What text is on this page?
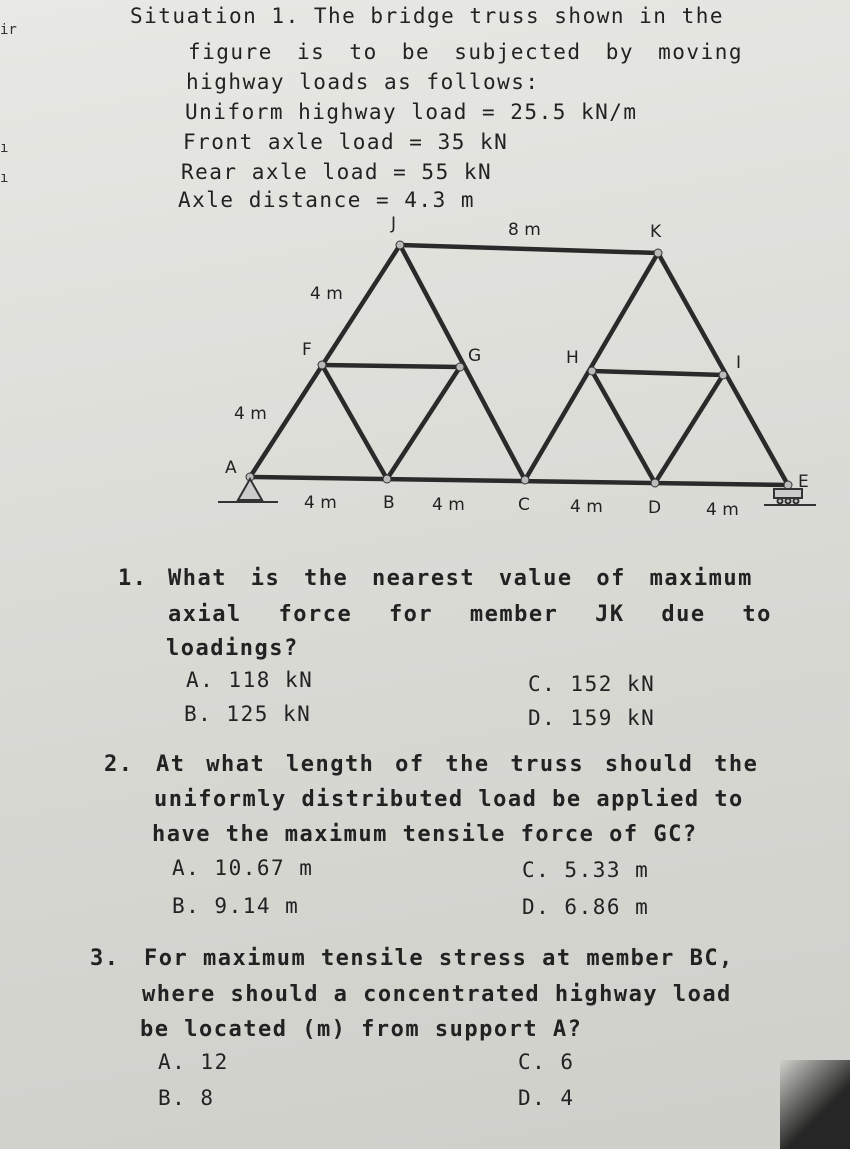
ir
ı
ı
Situation 1. The bridge truss shown in the
figure is to be subjected by moving
highway loads as follows:
Uniform highway load = 25.5 kN/m
Front axle load = 35 kN
Rear axle load = 55 kN
Axle distance = 4.3 m
J	K
F	G	H	I
A
B	C	D
E
8 m
4 m
4 m
4 m	4 m	4 m	4 m
1. What is the nearest value of maximum
axial force for member JK due to
loadings?
A. 118 kN	C. 152 kN
B. 125 kN	D. 159 kN
2. At what length of the truss should the
uniformly distributed load be applied to
have the maximum tensile force of GC?
A. 10.67 m	C. 5.33 m
B. 9.14 m	D. 6.86 m
3. For maximum tensile stress at member BC,
where should a concentrated highway load
be located (m) from support A?
A. 12	C. 6
B. 8	D. 4
